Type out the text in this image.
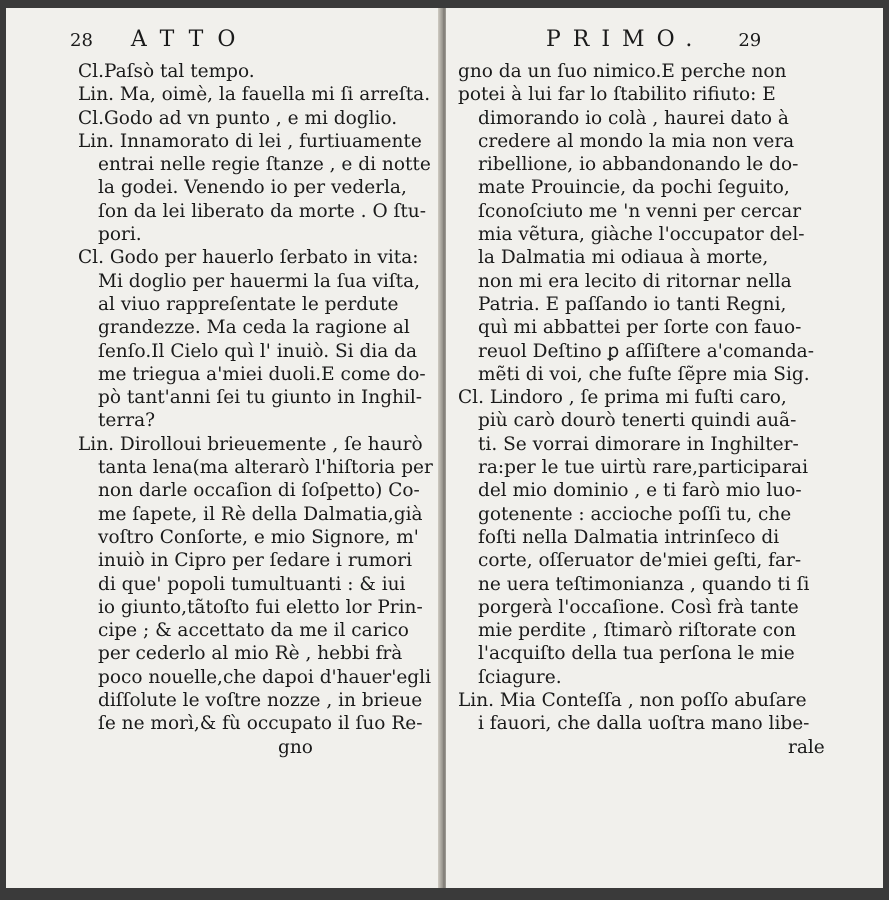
28 ATTO
Cl.Paſsò tal tempo.
Lin. Ma, oimè, la fauella mi ſi arreſta.
Cl.Godo ad vn punto , e mi doglio.
Lin. Innamorato di lei , furtiuamente
entrai nelle regie ſtanze , e di notte
la godei. Venendo io per vederla,
ſon da lei liberato da morte . O ſtu-
pori.
Cl. Godo per hauerlo ſerbato in vita:
Mi doglio per hauermi la ſua viſta,
al viuo rappreſentate le perdute
grandezze. Ma ceda la ragione al
ſenſo.Il Cielo quì l' inuiò. Si dia da
me triegua a'miei duoli.E come do-
pò tant'anni ſei tu giunto in Inghil-
terra?
Lin. Dirolloui brieuemente , ſe haurò
tanta lena(ma alterarò l'hiſtoria per
non darle occaſion di ſoſpetto) Co-
me ſapete, il Rè della Dalmatia,già
voſtro Conſorte, e mio Signore, m'
inuiò in Cipro per ſedare i rumori
di que' popoli tumultuanti : & iui
io giunto,tãtoſto fui eletto lor Prin-
cipe ; & accettato da me il carico
per cederlo al mio Rè , hebbi frà
poco nouelle,che dapoi d'hauer'egli
diſſolute le voſtre nozze , in brieue
ſe ne morì,& fù occupato il ſuo Re-
gno
PRIMO. 29
gno da un ſuo nimico.E perche non
potei à lui far lo ſtabilito rifiuto: E
dimorando io colà , haurei dato à
credere al mondo la mia non vera
ribellione, io abbandonando le do-
mate Prouincie, da pochi ſeguito,
ſconoſciuto me 'n venni per cercar
mia vẽtura, giàche l'occupator del-
la Dalmatia mi odiaua à morte,
non mi era lecito di ritornar nella
Patria. E paſſando io tanti Regni,
quì mi abbattei per ſorte con fauo-
reuol Deſtino ꝑ aſſiſtere a'comanda-
mẽti di voi, che fuſte ſẽpre mia Sig.
Cl. Lindoro , ſe prima mi fuſti caro,
più carò dourò tenerti quindi auã-
ti. Se vorrai dimorare in Inghilter-
ra:per le tue uirtù rare,participarai
del mio dominio , e ti farò mio luo-
gotenente : accioche poſſi tu, che
foſti nella Dalmatia intrinſeco di
corte, oſſeruator de'miei geſti, far-
ne uera teſtimonianza , quando ti ſi
porgerà l'occaſione. Così frà tante
mie perdite , ſtimarò riſtorate con
l'acquiſto della tua perſona le mie
ſciagure.
Lin. Mia Conteſſa , non poſſo abuſare
i fauori, che dalla uoſtra mano libe-
rale
